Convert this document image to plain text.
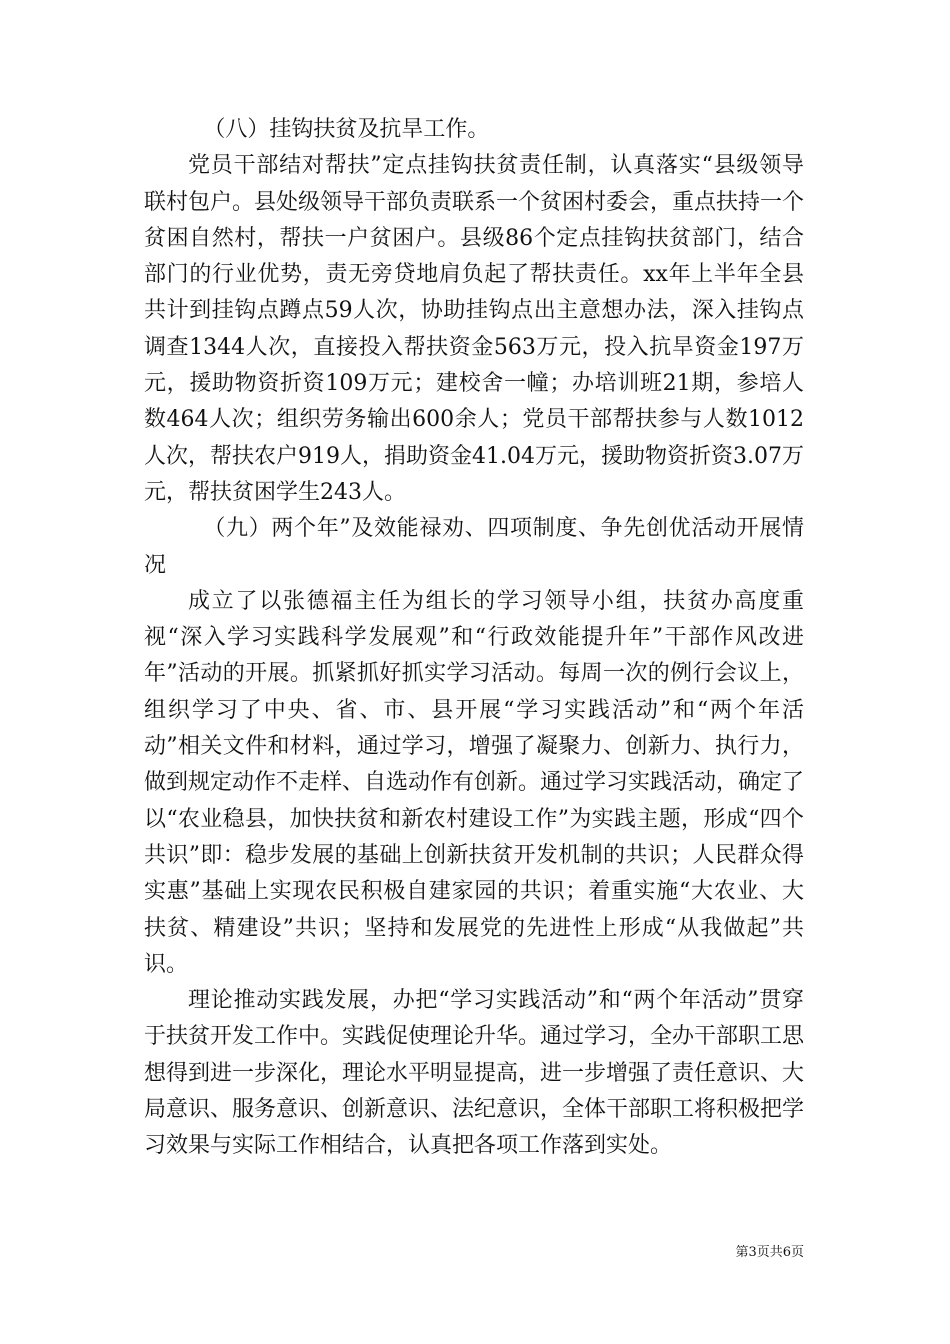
（八）挂钩扶贫及抗旱工作。

党员干部结对帮扶”定点挂钩扶贫责任制，认真落实“县级领导联村包户。县处级领导干部负责联系一个贫困村委会，重点扶持一个贫困自然村，帮扶一户贫困户。县级86个定点挂钩扶贫部门，结合部门的行业优势，责无旁贷地肩负起了帮扶责任。xx年上半年全县共计到挂钩点蹲点59人次，协助挂钩点出主意想办法，深入挂钩点调查1344人次，直接投入帮扶资金563万元，投入抗旱资金197万元，援助物资折资109万元；建校舍一幢；办培训班21期，参培人数464人次；组织劳务输出600余人；党员干部帮扶参与人数1012人次，帮扶农户919人，捐助资金41.04万元，援助物资折资3.07万元，帮扶贫困学生243人。

（九）两个年”及效能禄劝、四项制度、争先创优活动开展情况

成立了以张德福主任为组长的学习领导小组，扶贫办高度重视“深入学习实践科学发展观”和“行政效能提升年”干部作风改进年”活动的开展。抓紧抓好抓实学习活动。每周一次的例行会议上，组织学习了中央、省、市、县开展“学习实践活动”和“两个年活动”相关文件和材料，通过学习，增强了凝聚力、创新力、执行力，做到规定动作不走样、自选动作有创新。通过学习实践活动，确定了以“农业稳县，加快扶贫和新农村建设工作”为实践主题，形成“四个共识”即：稳步发展的基础上创新扶贫开发机制的共识；人民群众得实惠”基础上实现农民积极自建家园的共识；着重实施“大农业、大扶贫、精建设”共识；坚持和发展党的先进性上形成“从我做起”共识。

理论推动实践发展，办把“学习实践活动”和“两个年活动”贯穿于扶贫开发工作中。实践促使理论升华。通过学习，全办干部职工思想得到进一步深化，理论水平明显提高，进一步增强了责任意识、大局意识、服务意识、创新意识、法纪意识，全体干部职工将积极把学习效果与实际工作相结合，认真把各项工作落到实处。

第3页共6页
